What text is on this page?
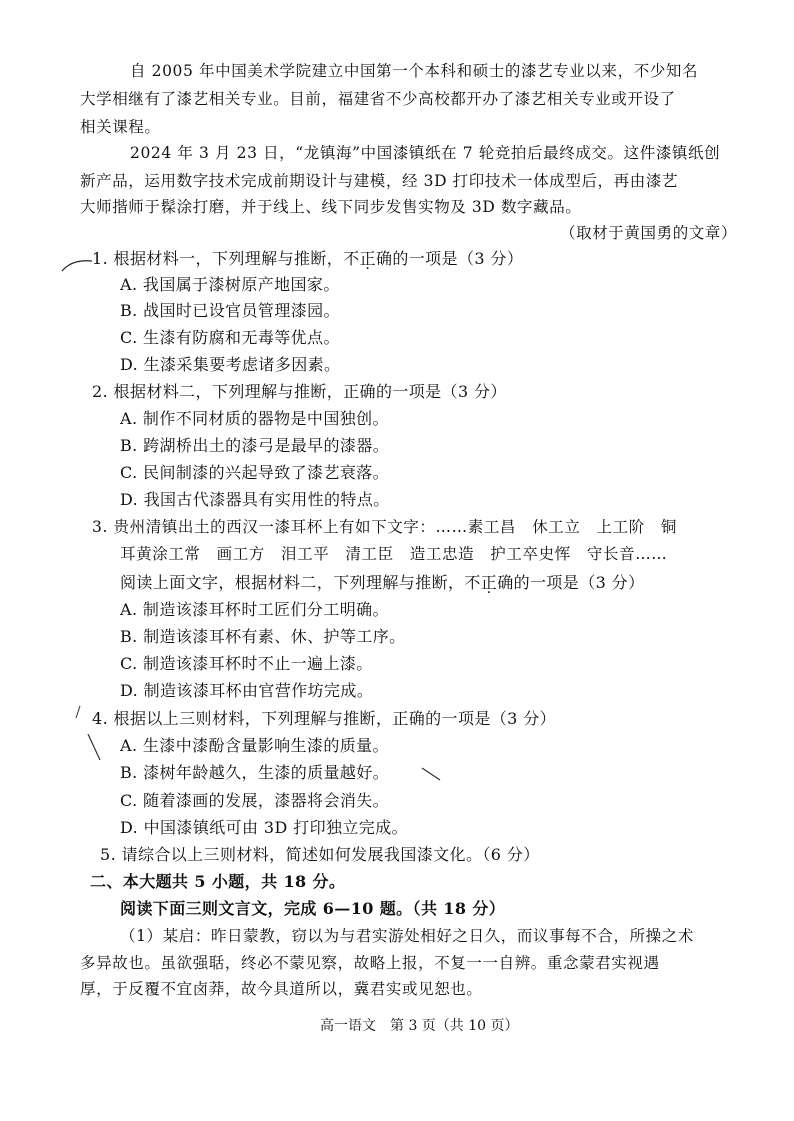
自 2005 年中国美术学院建立中国第一个本科和硕士的漆艺专业以来，不少知名
大学相继有了漆艺相关专业。目前，福建省不少高校都开办了漆艺相关专业或开设了
相关课程。
2024 年 3 月 23 日，“龙镇海”中国漆镇纸在 7 轮竞拍后最终成交。这件漆镇纸创
新产品，运用数字技术完成前期设计与建模，经 3D 打印技术一体成型后，再由漆艺
大师揩师于髹涂打磨，并于线上、线下同步发售实物及 3D 数字藏品。
（取材于黄国勇的文章）
1. 根据材料一，下列理解与推断，不正确的一项是（3 分）
A. 我国属于漆树原产地国家。
B. 战国时已设官员管理漆园。
C. 生漆有防腐和无毒等优点。
D. 生漆采集要考虑诸多因素。
2. 根据材料二，下列理解与推断，正确的一项是（3 分）
A. 制作不同材质的器物是中国独创。
B. 跨湖桥出土的漆弓是最早的漆器。
C. 民间制漆的兴起导致了漆艺衰落。
D. 我国古代漆器具有实用性的特点。
3. 贵州清镇出土的西汉一漆耳杯上有如下文字：……素工昌　休工立　上工阶　铜
耳黄涂工常　画工方　泪工平　清工臣　造工忠造　护工卒史恽　守长音……
阅读上面文字，根据材料二，下列理解与推断，不正确的一项是（3 分）
A. 制造该漆耳杯时工匠们分工明确。
B. 制造该漆耳杯有素、休、护等工序。
C. 制造该漆耳杯时不止一遍上漆。
D. 制造该漆耳杯由官营作坊完成。
4. 根据以上三则材料，下列理解与推断，正确的一项是（3 分）
A. 生漆中漆酚含量影响生漆的质量。
B. 漆树年龄越久，生漆的质量越好。
C. 随着漆画的发展，漆器将会消失。
D. 中国漆镇纸可由 3D 打印独立完成。
5. 请综合以上三则材料，简述如何发展我国漆文化。（6 分）
二、本大题共 5 小题，共 18 分。
阅读下面三则文言文，完成 6—10 题。（共 18 分）
（1）某启：昨日蒙教，窃以为与君实游处相好之日久，而议事每不合，所操之术
多异故也。虽欲强聒，终必不蒙见察，故略上报，不复一一自辨。重念蒙君实视遇
厚，于反覆不宜卤莽，故今具道所以，冀君实或见恕也。
高一语文　第 3 页（共 10 页）
